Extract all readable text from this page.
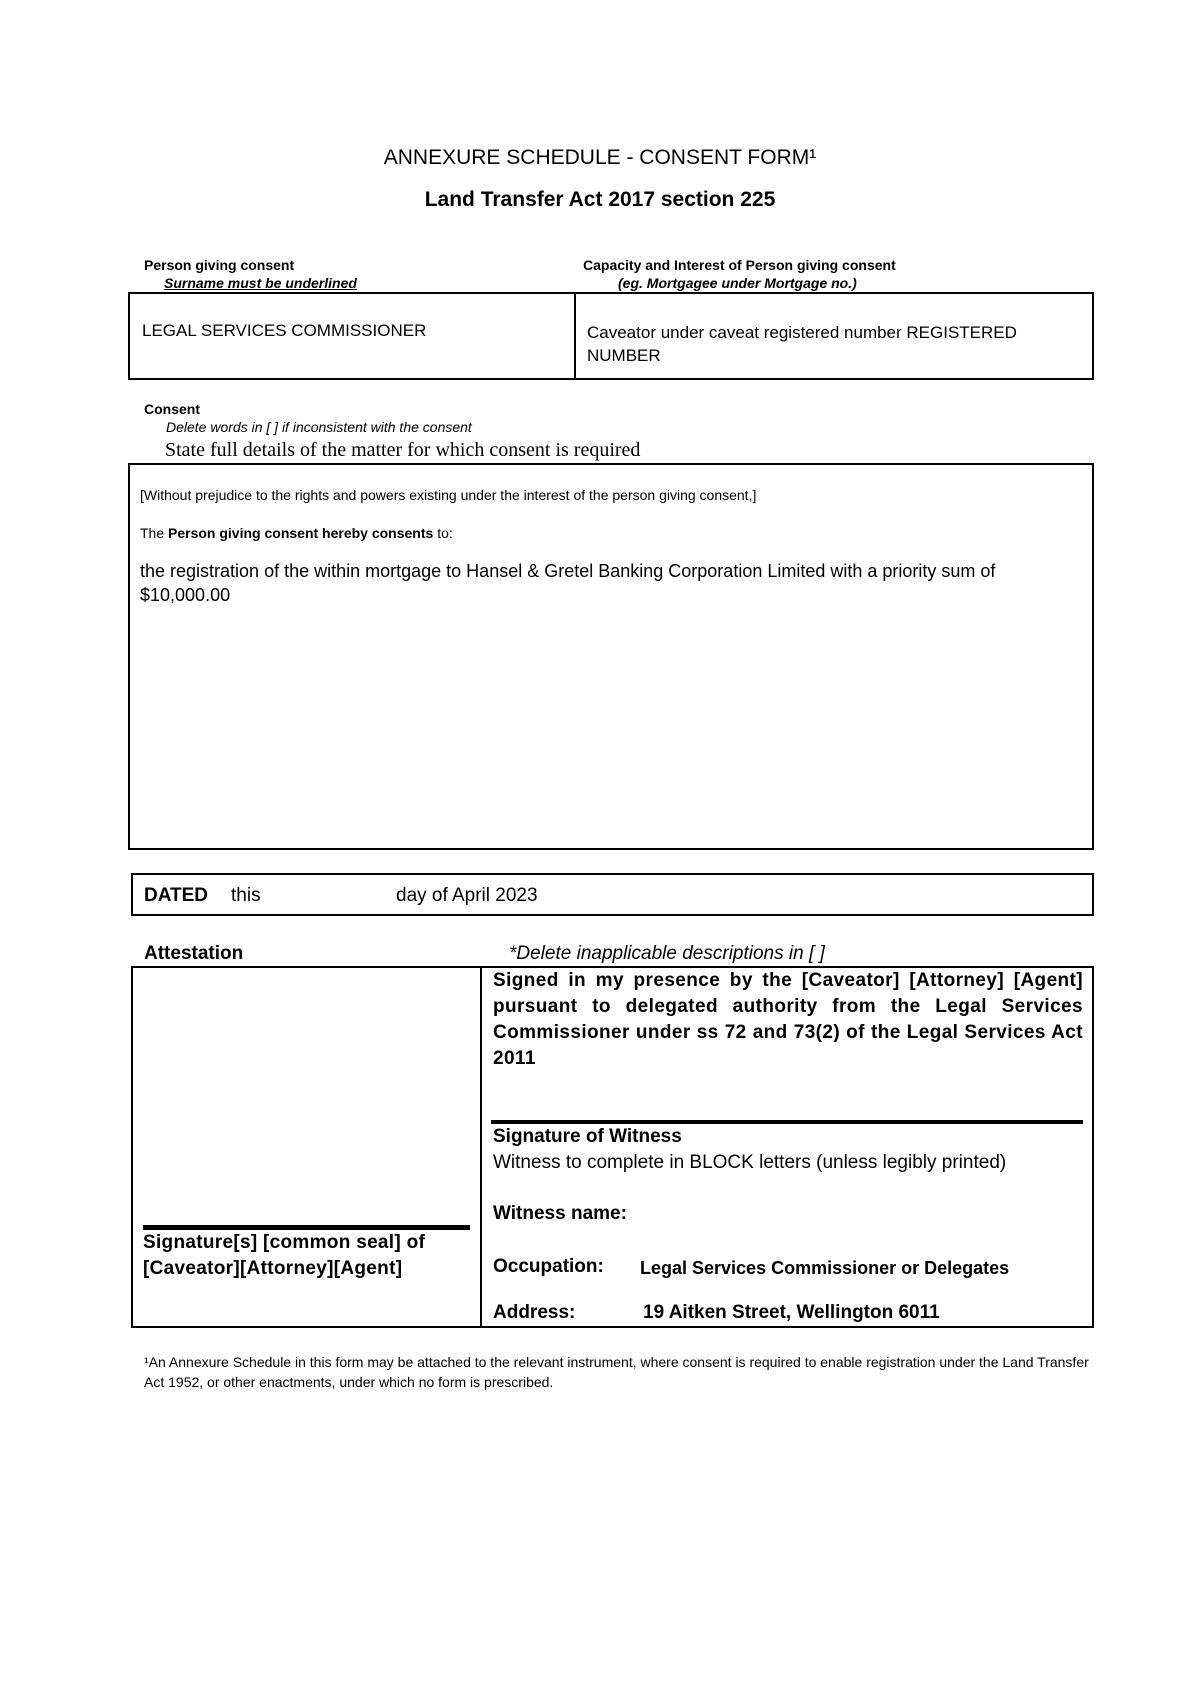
ANNEXURE SCHEDULE - CONSENT FORM¹
Land Transfer Act 2017 section 225
Person giving consent
Surname must be underlined
Capacity and Interest of Person giving consent
(eg. Mortgagee under Mortgage no.)
LEGAL SERVICES COMMISSIONER	Caveator under caveat registered number REGISTERED NUMBER
Consent
Delete words in [ ] if inconsistent with the consent
State full details of the matter for which consent is required
[Without prejudice to the rights and powers existing under the interest of the person giving consent,]
The Person giving consent hereby consents to:
the registration of the within mortgage to Hansel & Gretel Banking Corporation Limited with a priority sum of $10,000.00
DATED this	day of April 2023
Attestation	*Delete inapplicable descriptions in [ ]
Signature[s] [common seal] of [Caveator][Attorney][Agent]
Signed in my presence by the [Caveator] [Attorney] [Agent] pursuant to delegated authority from the Legal Services Commissioner under ss 72 and 73(2) of the Legal Services Act 2011
Signature of Witness
Witness to complete in BLOCK letters (unless legibly printed)
Witness name:
Occupation: Legal Services Commissioner or Delegates
Address:	19 Aitken Street, Wellington 6011
¹An Annexure Schedule in this form may be attached to the relevant instrument, where consent is required to enable registration under the Land Transfer Act 1952, or other enactments, under which no form is prescribed.
